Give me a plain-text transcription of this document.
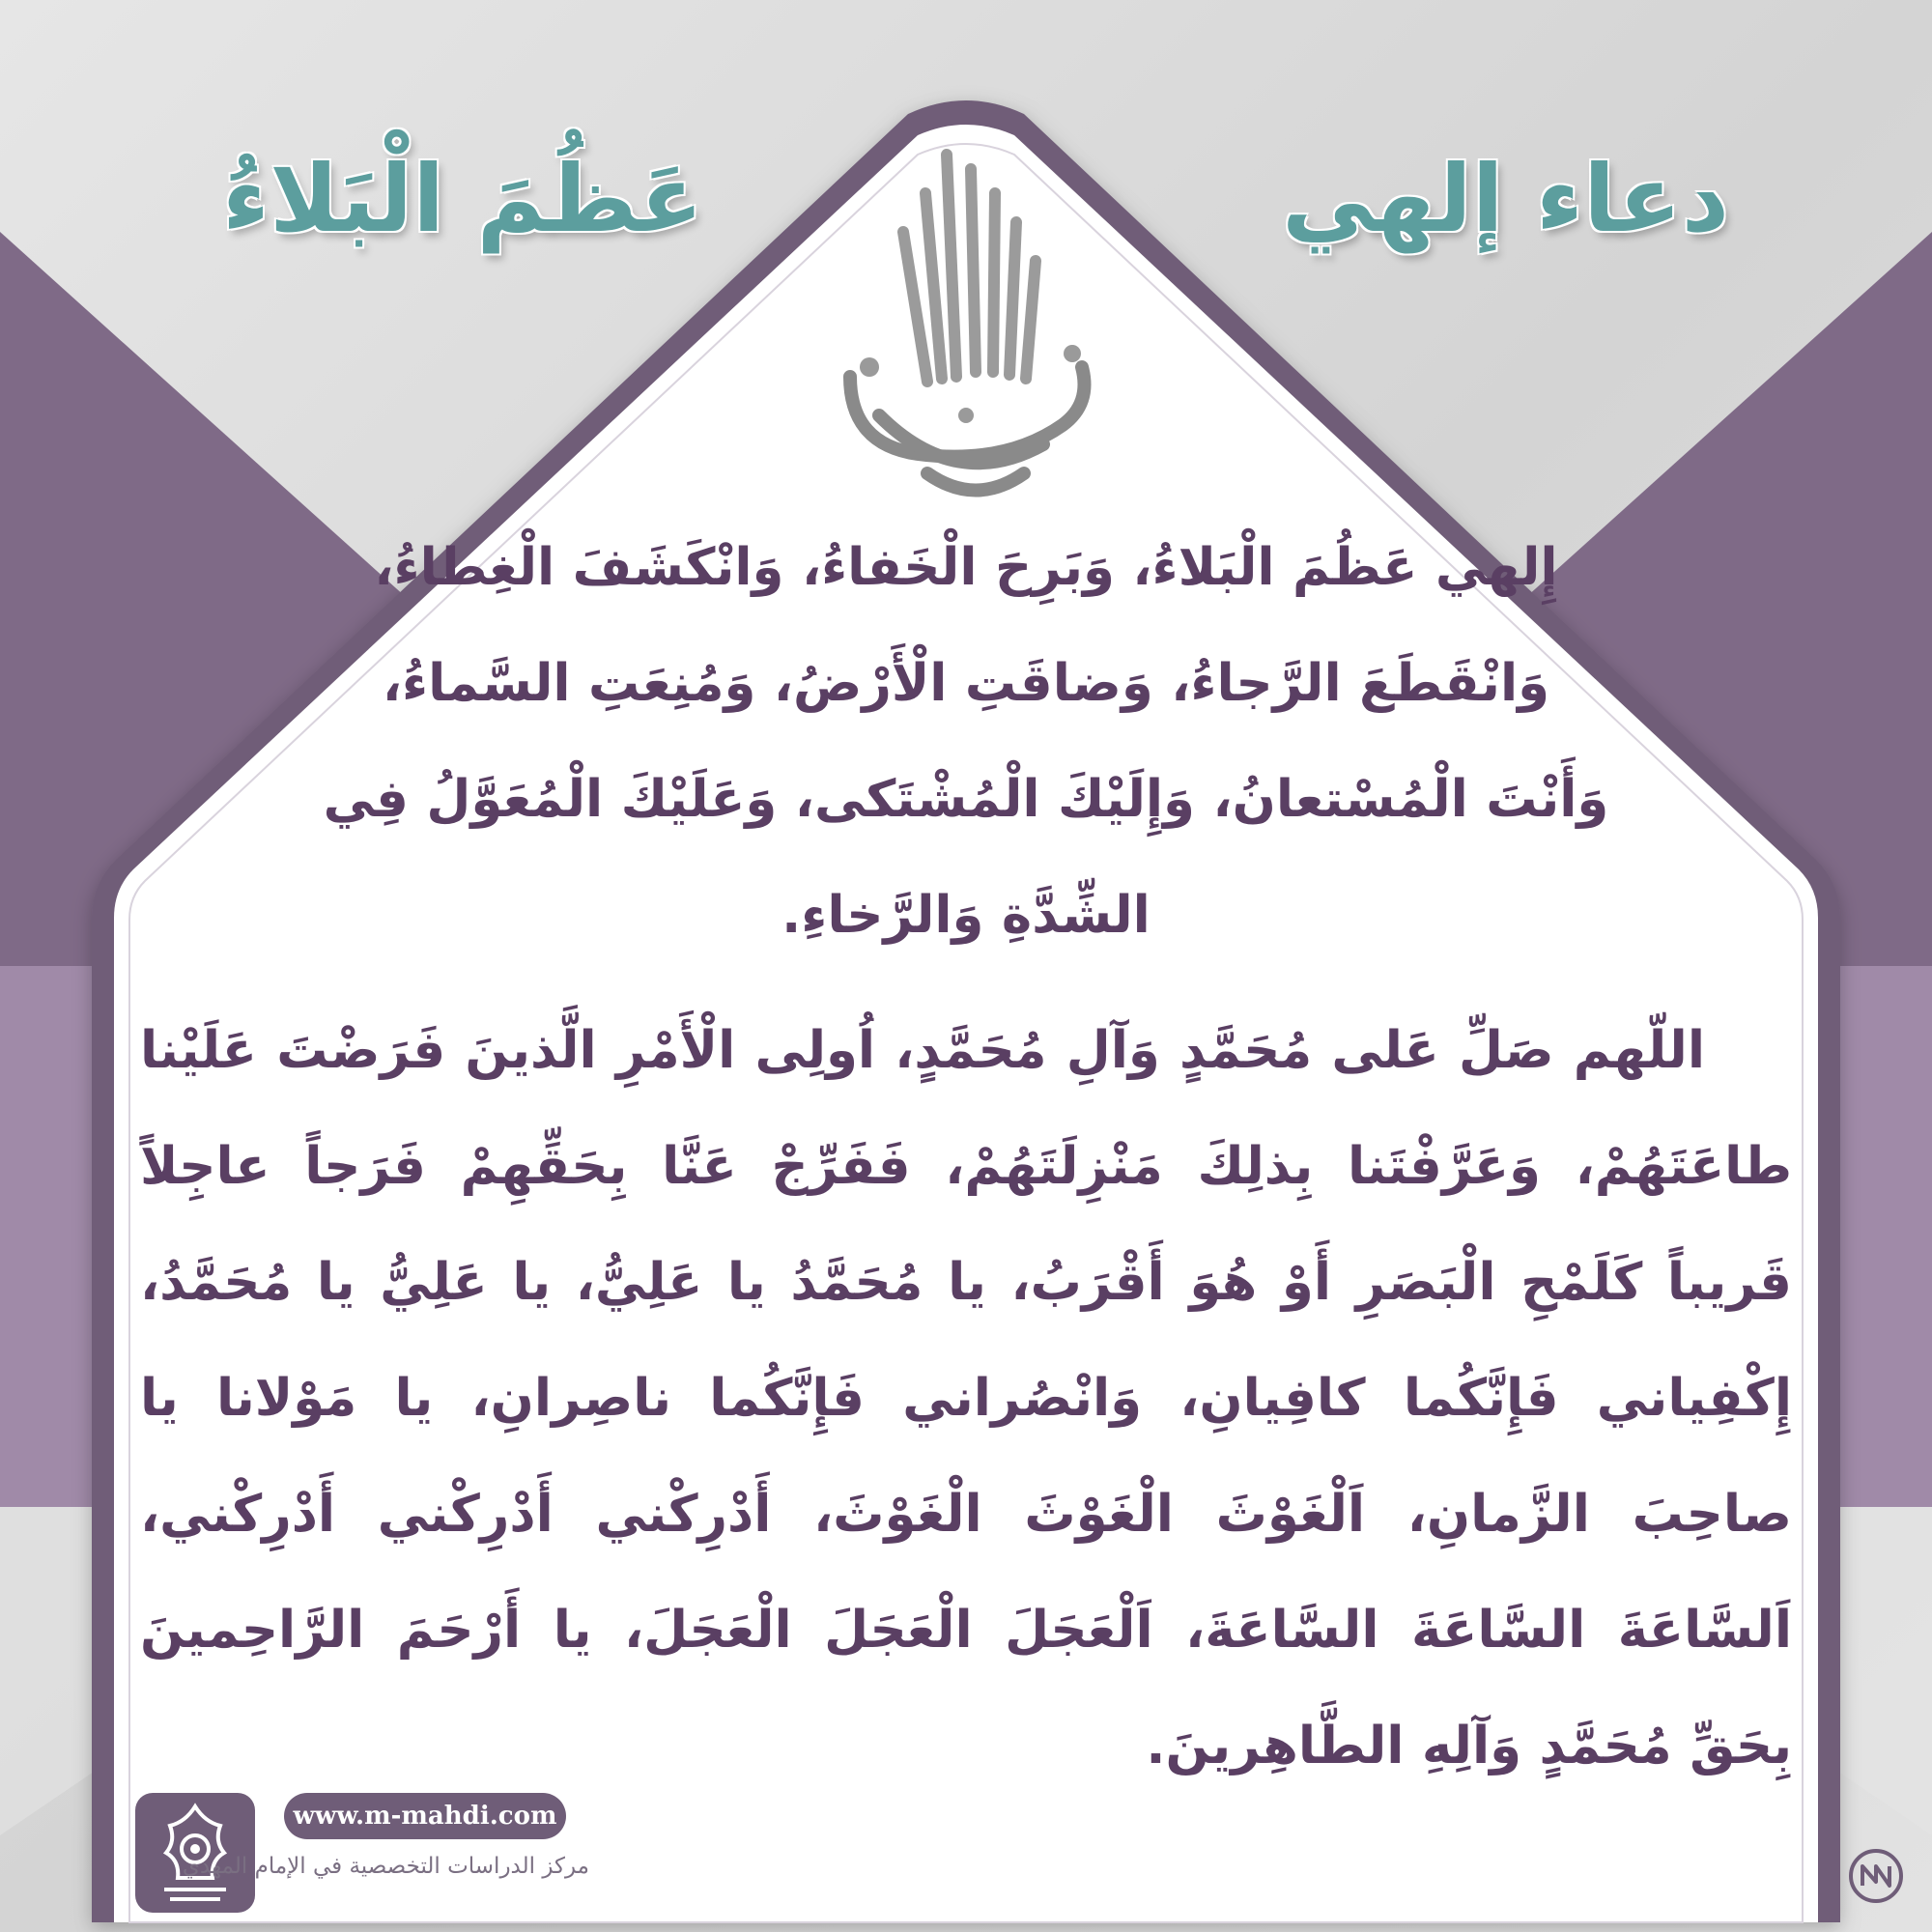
دعاء إلهي
عَظُمَ الْبَلاءُ

إِلهي عَظُمَ الْبَلاءُ، وَبَرِحَ الْخَفاءُ، وَانْكَشَفَ الْغِطاءُ، وَانْقَطَعَ الرَّجاءُ، وَضاقَتِ الْأَرْضُ، وَمُنِعَتِ السَّماءُ، وَأَنْتَ الْمُسْتعانُ، وَإِلَيْكَ الْمُشْتَكى، وَعَلَيْكَ الْمُعَوَّلُ فِي الشِّدَّةِ وَالرَّخاءِ.

اللّهم صَلِّ عَلى مُحَمَّدٍ وَآلِ مُحَمَّدٍ، اُولِى الْأَمْرِ الَّذينَ فَرَضْتَ عَلَيْنا طاعَتَهُمْ، وَعَرَّفْتَنا بِذلِكَ مَنْزِلَتَهُمْ، فَفَرِّجْ عَنَّا بِحَقِّهِمْ فَرَجاً عاجِلاً قَريباً كَلَمْحِ الْبَصَرِ أَوْ هُوَ أَقْرَبُ، يا مُحَمَّدُ يا عَلِيُّ، يا عَلِيُّ يا مُحَمَّدُ، إِكْفِياني فَإِنَّكُما كافِيانِ، وَانْصُراني فَإِنَّكُما ناصِرانِ، يا مَوْلانا يا صاحِبَ الزَّمانِ، اَلْغَوْثَ الْغَوْثَ الْغَوْثَ، أَدْرِكْني أَدْرِكْني أَدْرِكْني، اَلسَّاعَةَ السَّاعَةَ السَّاعَةَ، اَلْعَجَلَ الْعَجَلَ الْعَجَلَ، يا أَرْحَمَ الرَّاحِمينَ بِحَقِّ مُحَمَّدٍ وَآلِهِ الطَّاهِرينَ.

www.m-mahdi.com

مركز الدراسات التخصصية في الإمام المهدي
